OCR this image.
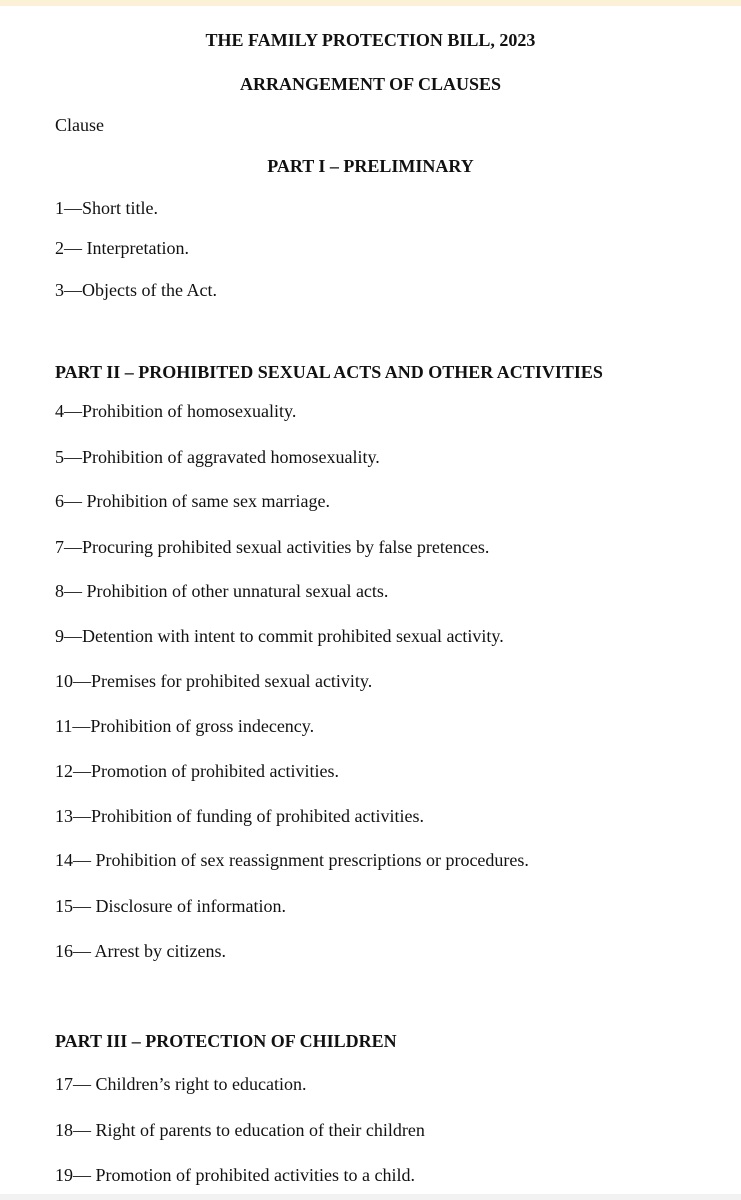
THE FAMILY PROTECTION BILL, 2023
ARRANGEMENT OF CLAUSES
Clause
PART I – PRELIMINARY
1—Short title.
2— Interpretation.
3—Objects of the Act.
PART II – PROHIBITED SEXUAL ACTS AND OTHER ACTIVITIES
4—Prohibition of homosexuality.
5—Prohibition of aggravated homosexuality.
6— Prohibition of same sex marriage.
7—Procuring prohibited sexual activities by false pretences.
8— Prohibition of other unnatural sexual acts.
9—Detention with intent to commit prohibited sexual activity.
10—Premises for prohibited sexual activity.
11—Prohibition of gross indecency.
12—Promotion of prohibited activities.
13—Prohibition of funding of prohibited activities.
14— Prohibition of sex reassignment prescriptions or procedures.
15— Disclosure of information.
16— Arrest by citizens.
PART III – PROTECTION OF CHILDREN
17— Children’s right to education.
18— Right of parents to education of their children
19— Promotion of prohibited activities to a child.
